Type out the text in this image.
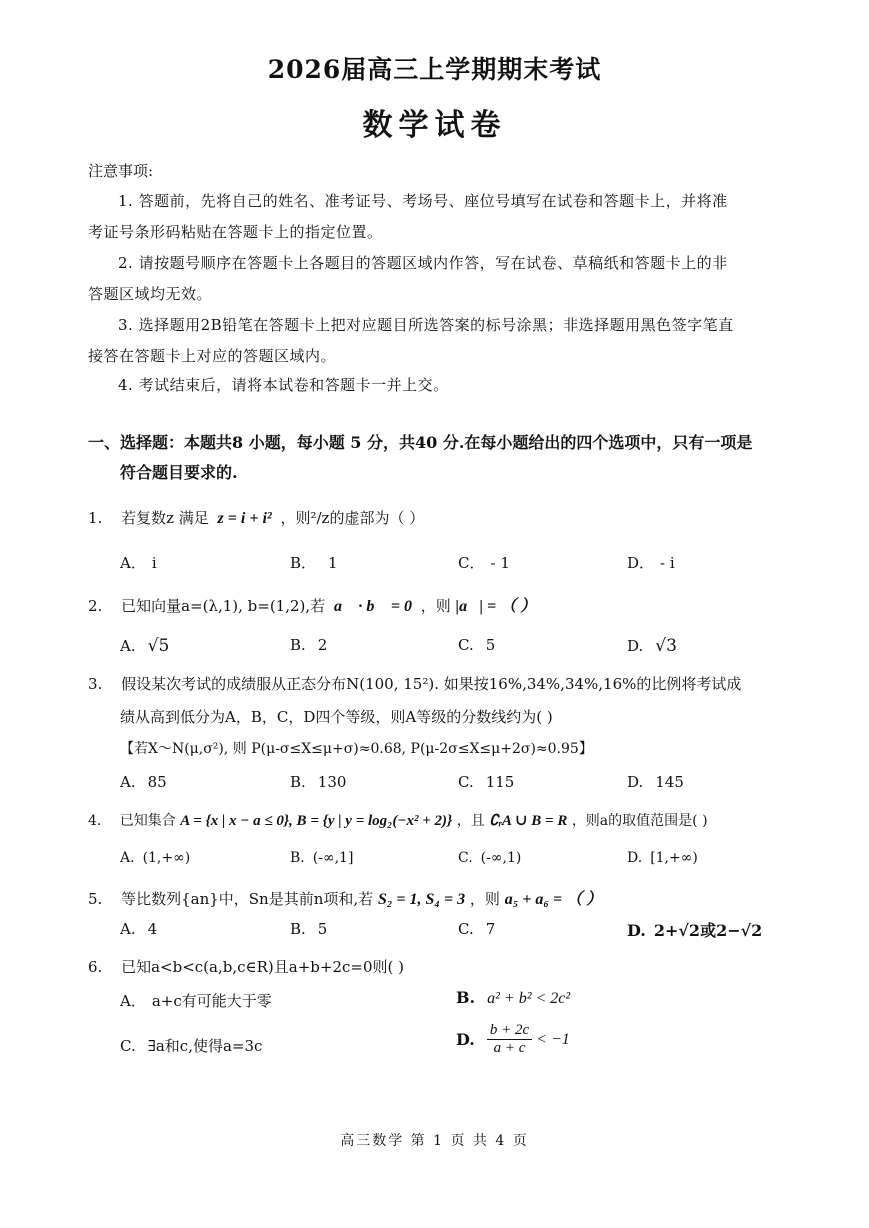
2026届高三上学期期末考试
数学试卷
注意事项:
1. 答题前，先将自己的姓名、准考证号、考场号、座位号填写在试卷和答题卡上，并将准
考证号条形码粘贴在答题卡上的指定位置。
2. 请按题号顺序在答题卡上各题目的答题区域内作答，写在试卷、草稿纸和答题卡上的非
答题区域均无效。
3. 选择题用2B铅笔在答题卡上把对应题目所选答案的标号涂黑；非选择题用黑色签字笔直
接答在答题卡上对应的答题区域内。
4. 考试结束后，请将本试卷和答题卡一并上交。
一、选择题：本题共8 小题，每小题 5 分，共40 分.在每小题给出的四个选项中，只有一项是
符合题目要求的.
1. 若复数z 满足 z = i + i² ，则²/z的虚部为（ ）
A． i	B． 1	C． - 1	D． - i
2. 已知向量a=(λ,1), b=(1,2),若 a⃗ · b⃗ = 0 ，则 |a⃗| = （ ）
A. √5	B. 2	C. 5	D. √3
3. 假设某次考试的成绩服从正态分布N(100, 15²). 如果按16%,34%,34%,16%的比例将考试成
绩从高到低分为A，B，C，D四个等级，则A等级的分数线约为( )
【若X～N(μ,σ²), 则 P(μ-σ≤X≤μ+σ)≈0.68, P(μ-2σ≤X≤μ+2σ)≈0.95】
A. 85	B. 130	C. 115	D. 145
4. 已知集合 A = {x | x − a ≤ 0}, B = {y | y = log₂(−x² + 2)} ，且 ∁ᵣA ∪ B = R ，则a的取值范围是( )
A. (1,+∞)	B. (-∞,1]	C. (-∞,1)	D. [1,+∞)
5. 等比数列{an}中，Sn是其前n项和,若 S₂ = 1, S₄ = 3 ，则 a₅ + a₆ = （ ）
A. 4	B. 5	C. 7	D. 2+√2或2−√2
6. 已知a<b<c(a,b,c∈R)且a+b+2c=0则( )
A． a+c有可能大于零	B. a² + b² < 2c²
C. ∃a和c,使得a=3c	D. $\frac{b + 2c}{a + c} < -1$
高三数学 第 1 页 共 4 页
